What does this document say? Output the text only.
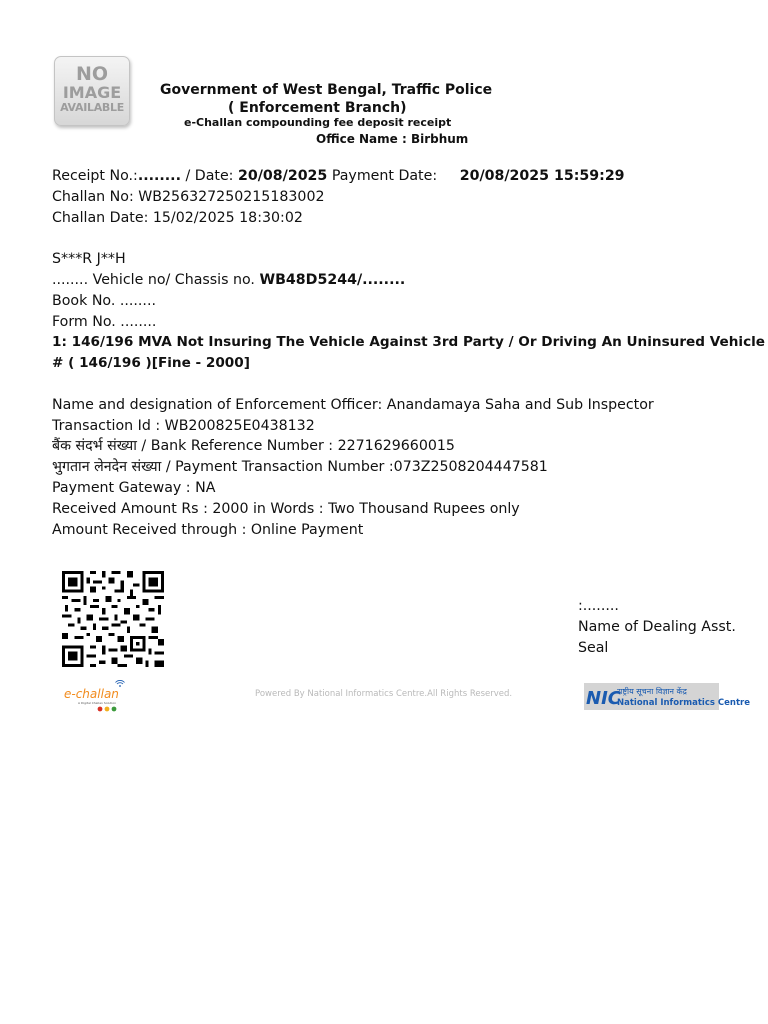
NO
IMAGE
AVAILABLE
Government of West Bengal, Traffic Police
( Enforcement Branch)
e-Challan compounding fee deposit receipt
Office Name : Birbhum
Receipt No.:........ / Date: 20/08/2025 Payment Date:     20/08/2025 15:59:29
Challan No: WB256327250215183002
Challan Date: 15/02/2025 18:30:02
S***R J**H
........ Vehicle no/ Chassis no. WB48D5244/........
Book No. ........
Form No. ........
1: 146/196 MVA Not Insuring The Vehicle Against 3rd Party / Or Driving An Uninsured Vehicle
# ( 146/196 )[Fine - 2000]
Name and designation of Enforcement Officer: Anandamaya Saha and Sub Inspector
Transaction Id : WB200825E0438132
बैंक संदर्भ संख्या / Bank Reference Number : 2271629660015
भुगतान लेनदेन संख्या / Payment Transaction Number :073Z2508204447581
Payment Gateway : NA
Received Amount Rs : 2000 in Words : Two Thousand Rupees only
Amount Received through : Online Payment
:........
Name of Dealing Asst.
Seal
e-challan
A Digital Challan Solution
Powered By National Informatics Centre.All Rights Reserved.	NIC
राष्ट्रीय सूचना विज्ञान केंद्र
National Informatics Centre
